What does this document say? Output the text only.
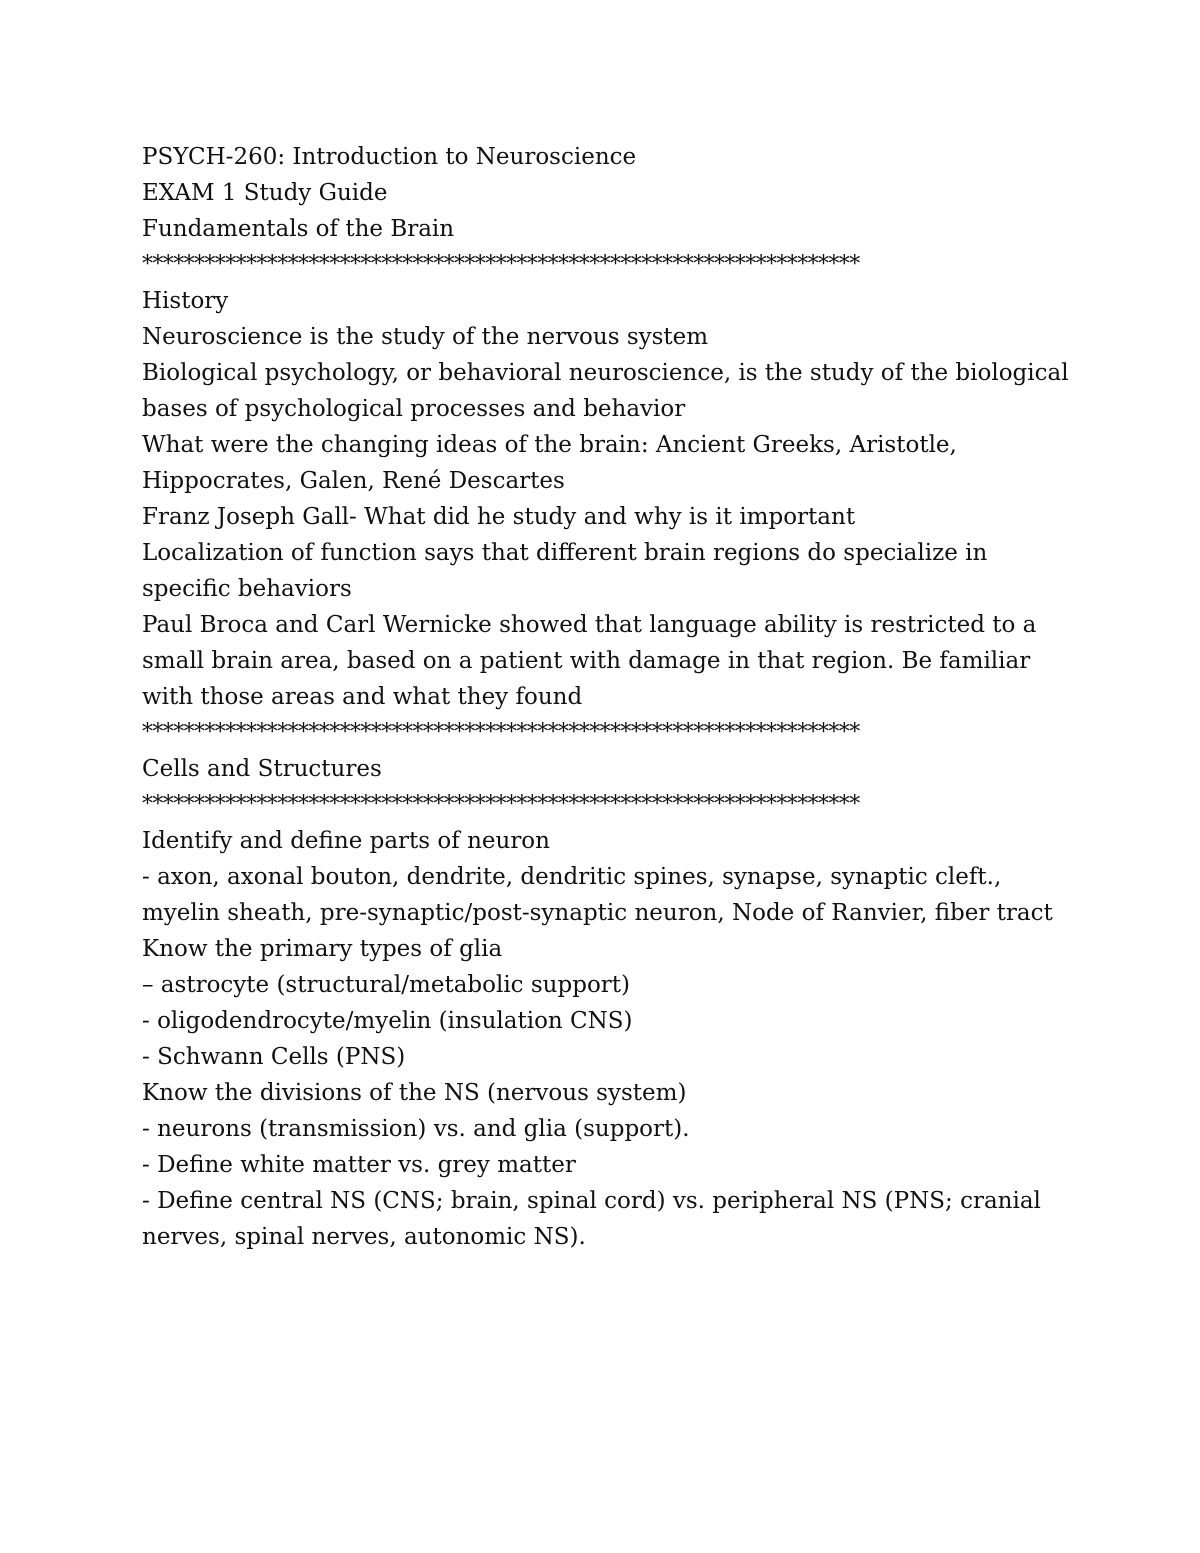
PSYCH-260: Introduction to Neuroscience
EXAM 1 Study Guide
Fundamentals of the Brain
*********************************************************************
History
Neuroscience is the study of the nervous system
Biological psychology, or behavioral neuroscience, is the study of the biological bases of psychological processes and behavior
What were the changing ideas of the brain: Ancient Greeks, Aristotle, Hippocrates, Galen, René Descartes
Franz Joseph Gall- What did he study and why is it important
Localization of function says that different brain regions do specialize in specific behaviors
Paul Broca and Carl Wernicke showed that language ability is restricted to a small brain area, based on a patient with damage in that region. Be familiar with those areas and what they found
*********************************************************************
Cells and Structures
*********************************************************************
Identify and define parts of neuron
- axon, axonal bouton, dendrite, dendritic spines, synapse, synaptic cleft., myelin sheath, pre-synaptic/post-synaptic neuron, Node of Ranvier, fiber tract
Know the primary types of glia
– astrocyte (structural/metabolic support)
- oligodendrocyte/myelin (insulation CNS)
- Schwann Cells (PNS)
Know the divisions of the NS (nervous system)
- neurons (transmission) vs. and glia (support).
- Define white matter vs. grey matter
- Define central NS (CNS; brain, spinal cord) vs. peripheral NS (PNS; cranial nerves, spinal nerves, autonomic NS).
